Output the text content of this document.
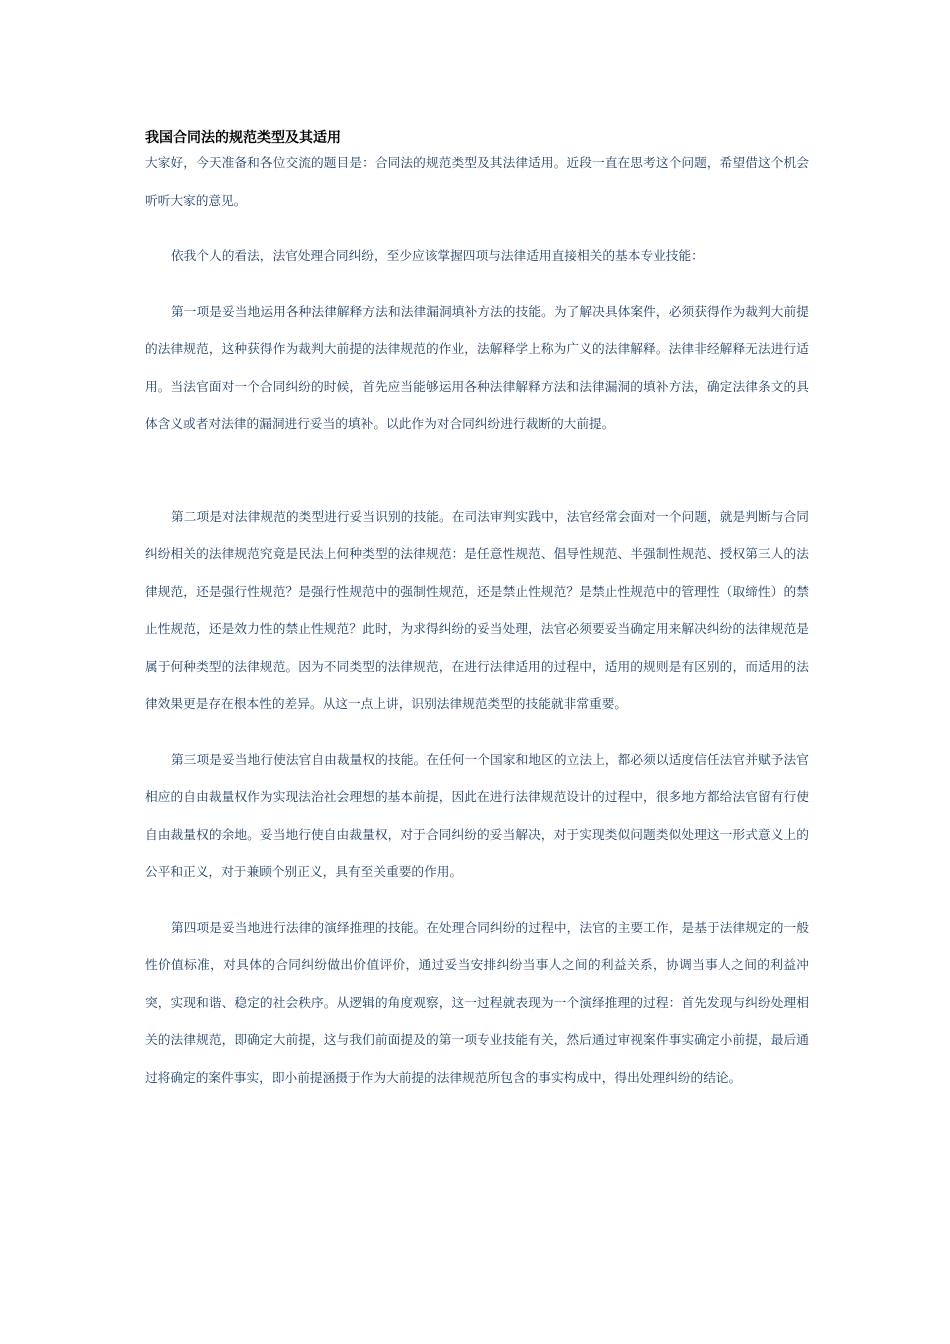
我国合同法的规范类型及其适用

大家好，今天准备和各位交流的题目是：合同法的规范类型及其法律适用。近段一直在思考这个问题，希望借这个机会听听大家的意见。

依我个人的看法，法官处理合同纠纷，至少应该掌握四项与法律适用直接相关的基本专业技能：

第一项是妥当地运用各种法律解释方法和法律漏洞填补方法的技能。为了解决具体案件，必须获得作为裁判大前提的法律规范，这种获得作为裁判大前提的法律规范的作业，法解释学上称为广义的法律解释。法律非经解释无法进行适用。当法官面对一个合同纠纷的时候，首先应当能够运用各种法律解释方法和法律漏洞的填补方法，确定法律条文的具体含义或者对法律的漏洞进行妥当的填补。以此作为对合同纠纷进行裁断的大前提。

第二项是对法律规范的类型进行妥当识别的技能。在司法审判实践中，法官经常会面对一个问题，就是判断与合同纠纷相关的法律规范究竟是民法上何种类型的法律规范：是任意性规范、倡导性规范、半强制性规范、授权第三人的法律规范，还是强行性规范？是强行性规范中的强制性规范，还是禁止性规范？是禁止性规范中的管理性（取缔性）的禁止性规范，还是效力性的禁止性规范？此时，为求得纠纷的妥当处理，法官必须要妥当确定用来解决纠纷的法律规范是属于何种类型的法律规范。因为不同类型的法律规范，在进行法律适用的过程中，适用的规则是有区别的，而适用的法律效果更是存在根本性的差异。从这一点上讲，识别法律规范类型的技能就非常重要。

第三项是妥当地行使法官自由裁量权的技能。在任何一个国家和地区的立法上，都必须以适度信任法官并赋予法官相应的自由裁量权作为实现法治社会理想的基本前提，因此在进行法律规范设计的过程中，很多地方都给法官留有行使自由裁量权的余地。妥当地行使自由裁量权，对于合同纠纷的妥当解决，对于实现类似问题类似处理这一形式意义上的公平和正义，对于兼顾个别正义，具有至关重要的作用。

第四项是妥当地进行法律的演绎推理的技能。在处理合同纠纷的过程中，法官的主要工作，是基于法律规定的一般性价值标准，对具体的合同纠纷做出价值评价，通过妥当安排纠纷当事人之间的利益关系，协调当事人之间的利益冲突，实现和谐、稳定的社会秩序。从逻辑的角度观察，这一过程就表现为一个演绎推理的过程：首先发现与纠纷处理相关的法律规范，即确定大前提，这与我们前面提及的第一项专业技能有关，然后通过审视案件事实确定小前提，最后通过将确定的案件事实，即小前提涵摄于作为大前提的法律规范所包含的事实构成中，得出处理纠纷的结论。
